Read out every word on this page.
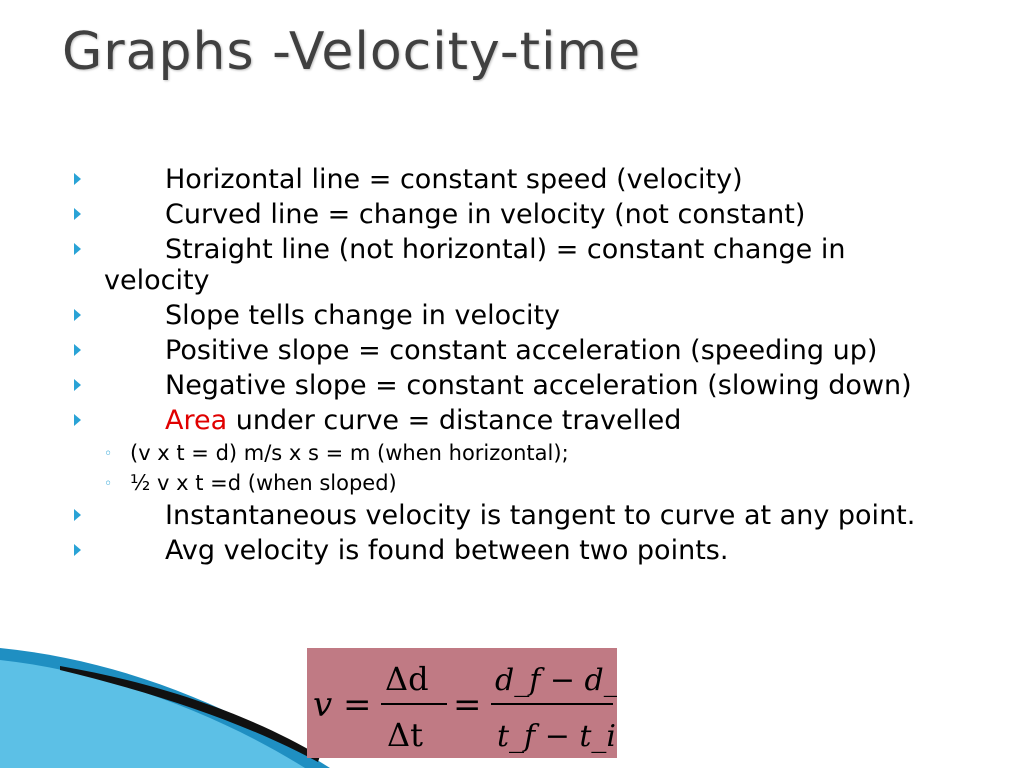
Graphs -Velocity-time
Horizontal line = constant speed (velocity)
Curved line = change in velocity (not constant)
Straight line (not horizontal) = constant change in velocity
Slope tells change in velocity
Positive slope = constant acceleration (speeding up)
Negative slope = constant acceleration (slowing down)
Area under curve = distance travelled
◦ (v x t = d) m/s x s = m (when horizontal);
◦ ½ v x t =d (when sloped)
Instantaneous velocity is tangent to curve at any point.
Avg velocity is found between two points.
v =
Δd
Δt
=
d_f − d_i
t_f − t_i
